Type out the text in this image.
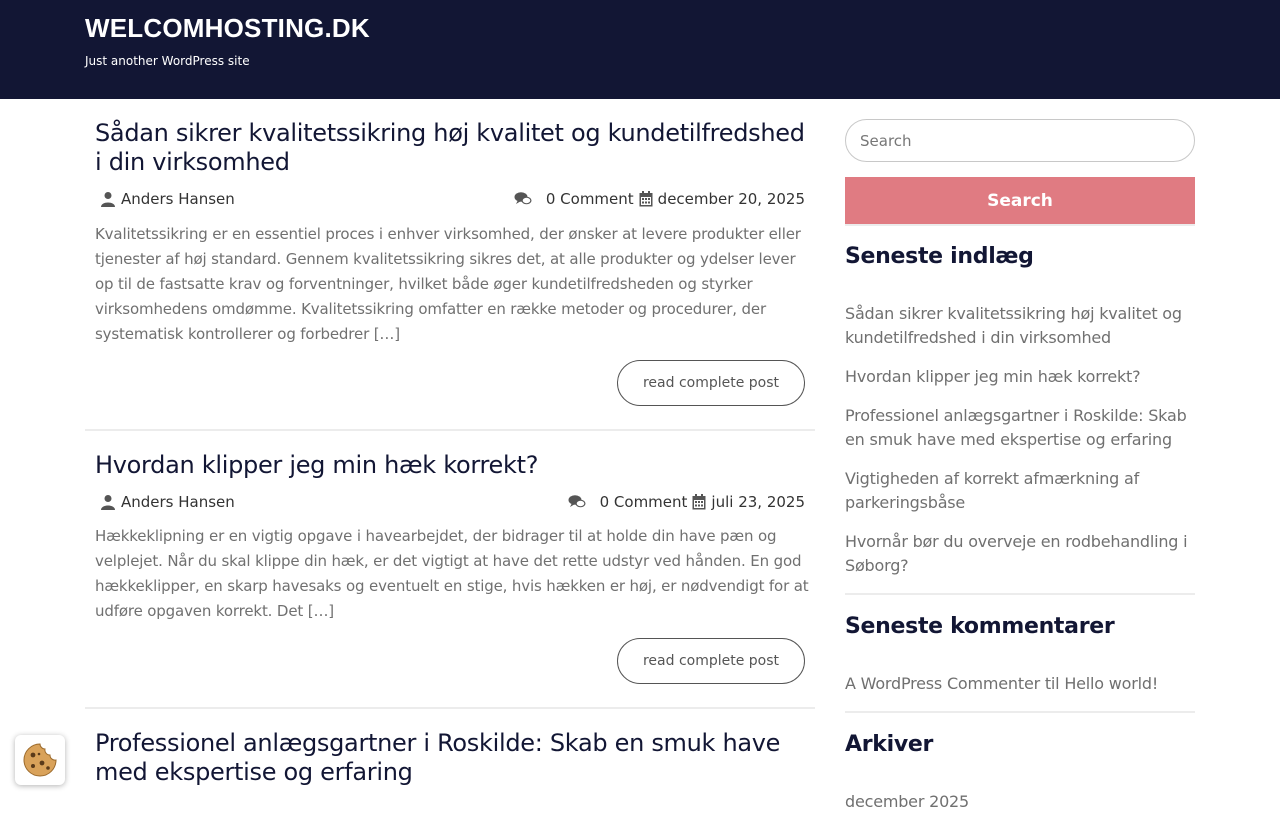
WELCOMHOSTING.DK
Just another WordPress site
Sådan sikrer kvalitetssikring høj kvalitet og kundetilfredshed i din virksomhed
Anders Hansen	0 Comment december 20, 2025

Kvalitetssikring er en essentiel proces i enhver virksomhed, der ønsker at levere produkter eller tjenester af høj standard. Gennem kvalitetssikring sikres det, at alle produkter og ydelser lever op til de fastsatte krav og forventninger, hvilket både øger kundetilfredsheden og styrker virksomhedens omdømme. Kvalitetssikring omfatter en række metoder og procedurer, der systematisk kontrollerer og forbedrer […]

read complete post
Hvordan klipper jeg min hæk korrekt?
Anders Hansen	0 Comment juli 23, 2025

Hækkeklipning er en vigtig opgave i havearbejdet, der bidrager til at holde din have pæn og velplejet. Når du skal klippe din hæk, er det vigtigt at have det rette udstyr ved hånden. En god hækkeklipper, en skarp havesaks og eventuelt en stige, hvis hækken er høj, er nødvendigt for at udføre opgaven korrekt. Det […]

read complete post
Professionel anlægsgartner i Roskilde: Skab en smuk have med ekspertise og erfaring
Search
Search
Seneste indlæg
Sådan sikrer kvalitetssikring høj kvalitet og kundetilfredshed i din virksomhed
Hvordan klipper jeg min hæk korrekt?
Professionel anlægsgartner i Roskilde: Skab en smuk have med ekspertise og erfaring
Vigtigheden af korrekt afmærkning af parkeringsbåse
Hvornår bør du overveje en rodbehandling i Søborg?
Seneste kommentarer
A WordPress Commenter til Hello world!
Arkiver
december 2025
